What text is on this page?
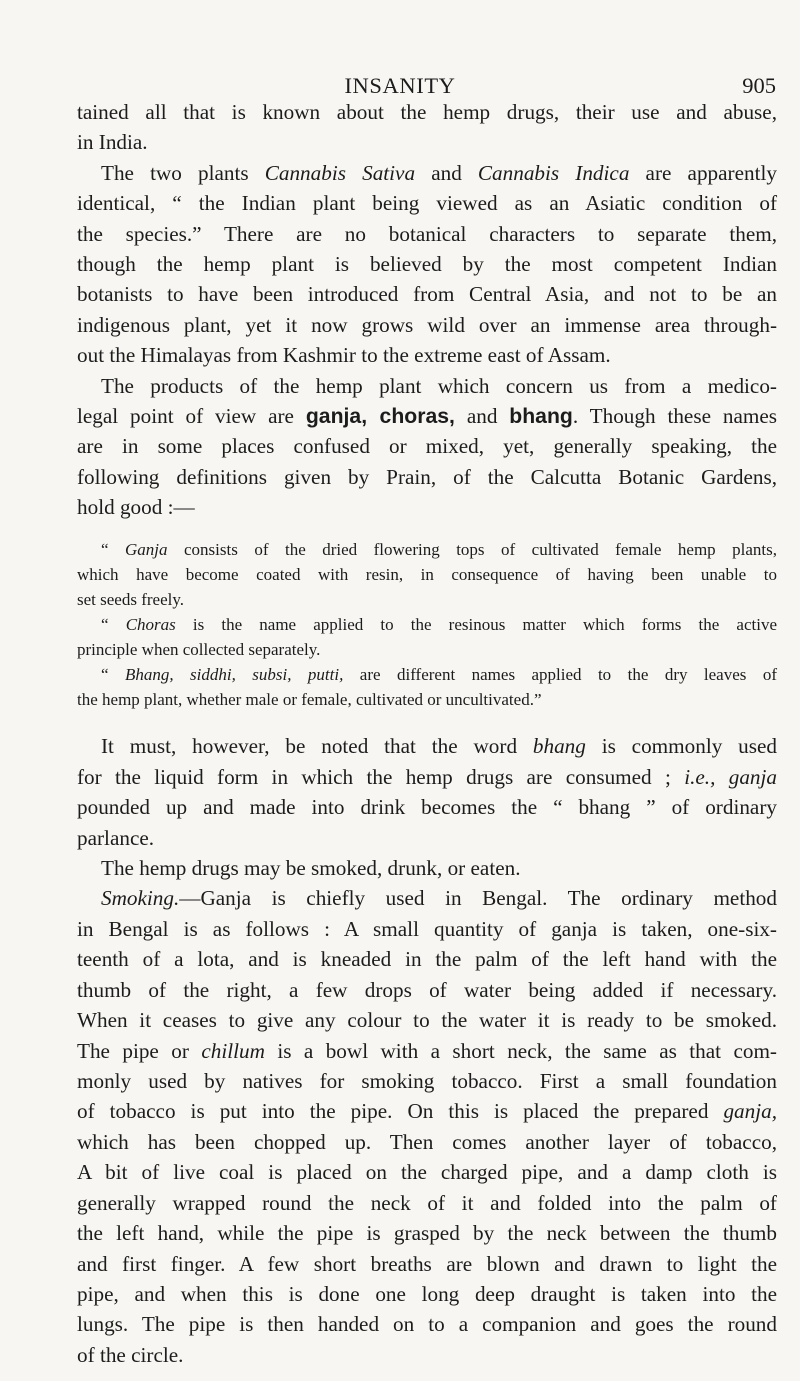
INSANITY	905
tained all that is known about the hemp drugs, their use and abuse,
in India.
The two plants Cannabis Sativa and Cannabis Indica are apparently
identical, “ the Indian plant being viewed as an Asiatic condition of
the species.” There are no botanical characters to separate them,
though the hemp plant is believed by the most competent Indian
botanists to have been introduced from Central Asia, and not to be an
indigenous plant, yet it now grows wild over an immense area through-
out the Himalayas from Kashmir to the extreme east of Assam.
The products of the hemp plant which concern us from a medico-
legal point of view are ganja, choras, and bhang. Though these names
are in some places confused or mixed, yet, generally speaking, the
following definitions given by Prain, of the Calcutta Botanic Gardens,
hold good :—
“ Ganja consists of the dried flowering tops of cultivated female hemp plants,
which have become coated with resin, in consequence of having been unable to
set seeds freely.
“ Choras is the name applied to the resinous matter which forms the active
principle when collected separately.
“ Bhang, siddhi, subsi, putti, are different names applied to the dry leaves of
the hemp plant, whether male or female, cultivated or uncultivated.”
It must, however, be noted that the word bhang is commonly used
for the liquid form in which the hemp drugs are consumed ; i.e., ganja
pounded up and made into drink becomes the “ bhang ” of ordinary
parlance.
The hemp drugs may be smoked, drunk, or eaten.
Smoking.—Ganja is chiefly used in Bengal. The ordinary method
in Bengal is as follows : A small quantity of ganja is taken, one-six-
teenth of a lota, and is kneaded in the palm of the left hand with the
thumb of the right, a few drops of water being added if necessary.
When it ceases to give any colour to the water it is ready to be smoked.
The pipe or chillum is a bowl with a short neck, the same as that com-
monly used by natives for smoking tobacco. First a small foundation
of tobacco is put into the pipe. On this is placed the prepared ganja,
which has been chopped up. Then comes another layer of tobacco,
A bit of live coal is placed on the charged pipe, and a damp cloth is
generally wrapped round the neck of it and folded into the palm of
the left hand, while the pipe is grasped by the neck between the thumb
and first finger. A few short breaths are blown and drawn to light the
pipe, and when this is done one long deep draught is taken into the
lungs. The pipe is then handed on to a companion and goes the round
of the circle.
